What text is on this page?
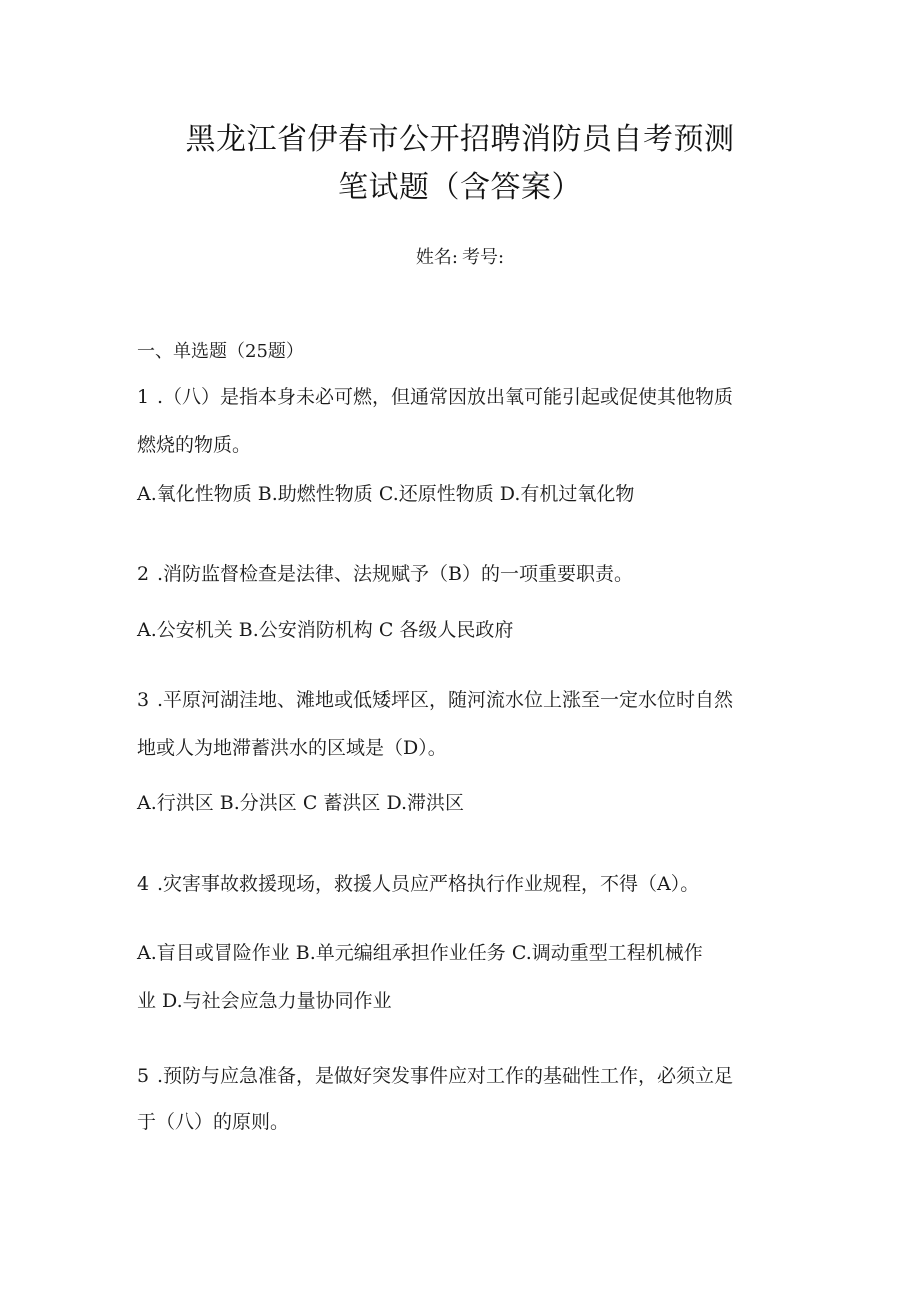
黑龙江省伊春市公开招聘消防员自考预测
笔试题（含答案）
姓名: 考号:
一、单选题（25题）
1 .（八）是指本身未必可燃，但通常因放出氧可能引起或促使其他物质
燃烧的物质。
A.氧化性物质 B.助燃性物质 C.还原性物质 D.有机过氧化物
2 .消防监督检查是法律、法规赋予（B）的一项重要职责。
A.公安机关 B.公安消防机构 C 各级人民政府
3 .平原河湖洼地、滩地或低矮坪区，随河流水位上涨至一定水位时自然
地或人为地滞蓄洪水的区域是（D）。
A.行洪区 B.分洪区 C 蓄洪区 D.滞洪区
4 .灾害事故救援现场，救援人员应严格执行作业规程，不得（A）。
A.盲目或冒险作业 B.单元编组承担作业任务 C.调动重型工程机械作
业 D.与社会应急力量协同作业
5 .预防与应急准备，是做好突发事件应对工作的基础性工作，必须立足
于（八）的原则。
